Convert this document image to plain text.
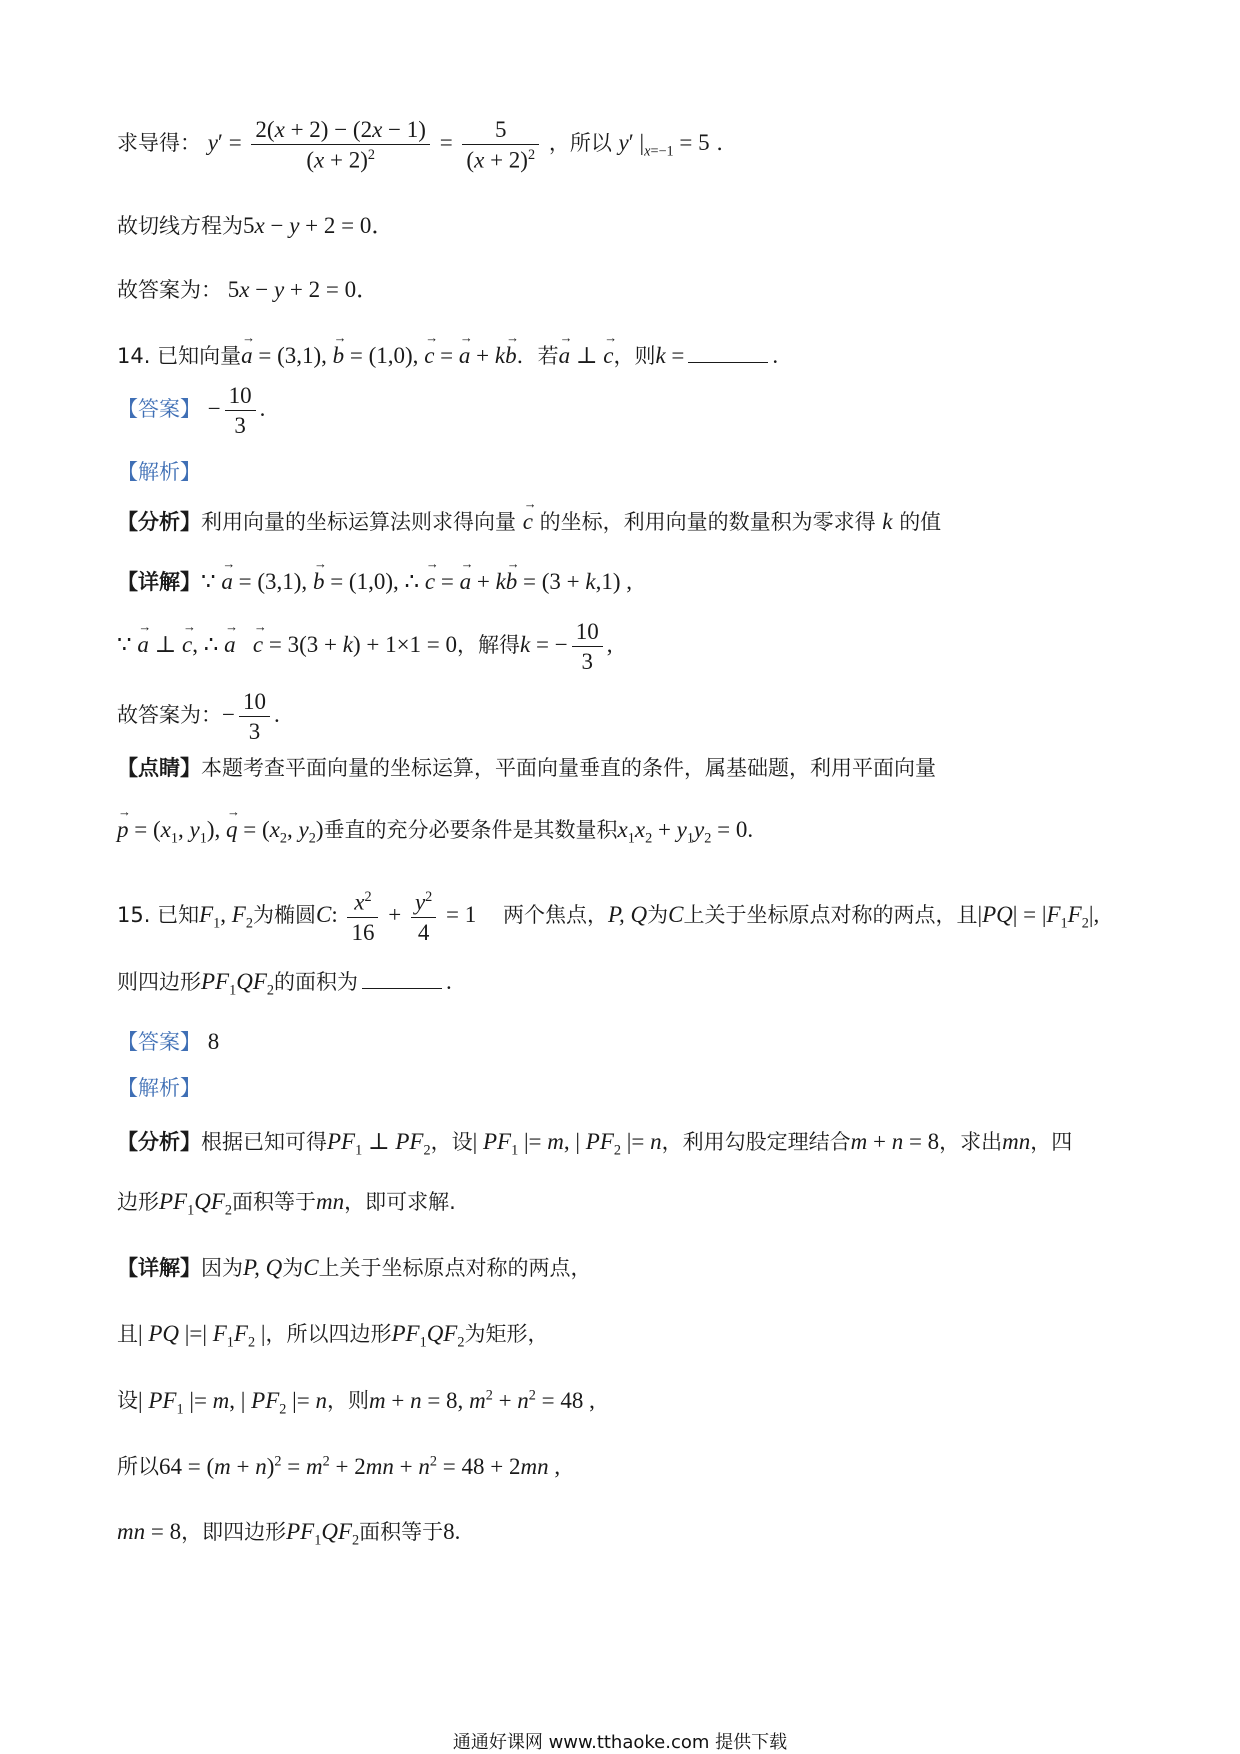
求导得： $y' = \frac{2(x + 2) - (2x - 1)}{(x + 2)^2} = \frac{5}{(x + 2)^2}$ ，所以 y′ $|_{x=-1} = 5$ ．
故切线方程为5x − y + 2 = 0．
故答案为： 5x − y + 2 = 0．
14. 已知向量→ a = (3,1), → b = (1,0), → c = → a + k→ b．若→ a ⊥ → c，则k =	.
【答案】 − $\frac{10}{3}$ .
【解析】
【分析】利用向量的坐标运算法则求得向量 → c 的坐标，利用向量的数量积为零求得 k 的值
【详解】∵ → a = (3,1), → b = (1,0), ∴ → c = → a + k→ b = (3 + k,1) ,
∵ → a ⊥ → c, ∴ → a → c = 3(3 + k) + 1×1 = 0，解得k = − $\frac{10}{3}$ ,
故答案为：− $\frac{10}{3}$ .
【点睛】本题考查平面向量的坐标运算，平面向量垂直的条件，属基础题，利用平面向量
→ $p = (x_1$, $y_1$), → $q = (x_2$, $y_2$)垂直的充分必要条件是其数量积$x_1x_2 + y_1y_2 = 0$.
15. 已知$F_1$, $F_2$为椭圆C: $\frac{x^2}{16} + \frac{y^2}{4} = 1$ 两个焦点，P, Q为C上关于坐标原点对称的两点，且$|PQ| = |F_1F_2|$,
则四边形$PF_1QF_2$的面积为	.
【答案】 8
【解析】
【分析】根据已知可得$PF_1$ ⊥ $PF_2$，设| $PF_1$ |= m, | $PF_2$ |= n，利用勾股定理结合m + n = 8，求出mn，四
边形$PF_1QF_2$面积等于mn，即可求解.
【详解】因为P, Q为C上关于坐标原点对称的两点，
且| PQ |=| $F_1F_2$ |，所以四边形$PF_1QF_2$为矩形，
设| $PF_1$ |= m, | $PF_2$ |= n，则m + n = 8, $m^2 + n^2 = 48$ ,
所以$64 = (m + n)^2 = m^2 + 2mn + n^2 = 48 + 2mn$ ,
mn = 8，即四边形$PF_1QF_2$面积等于8.
通通好课网 www.tthaoke.com 提供下载
